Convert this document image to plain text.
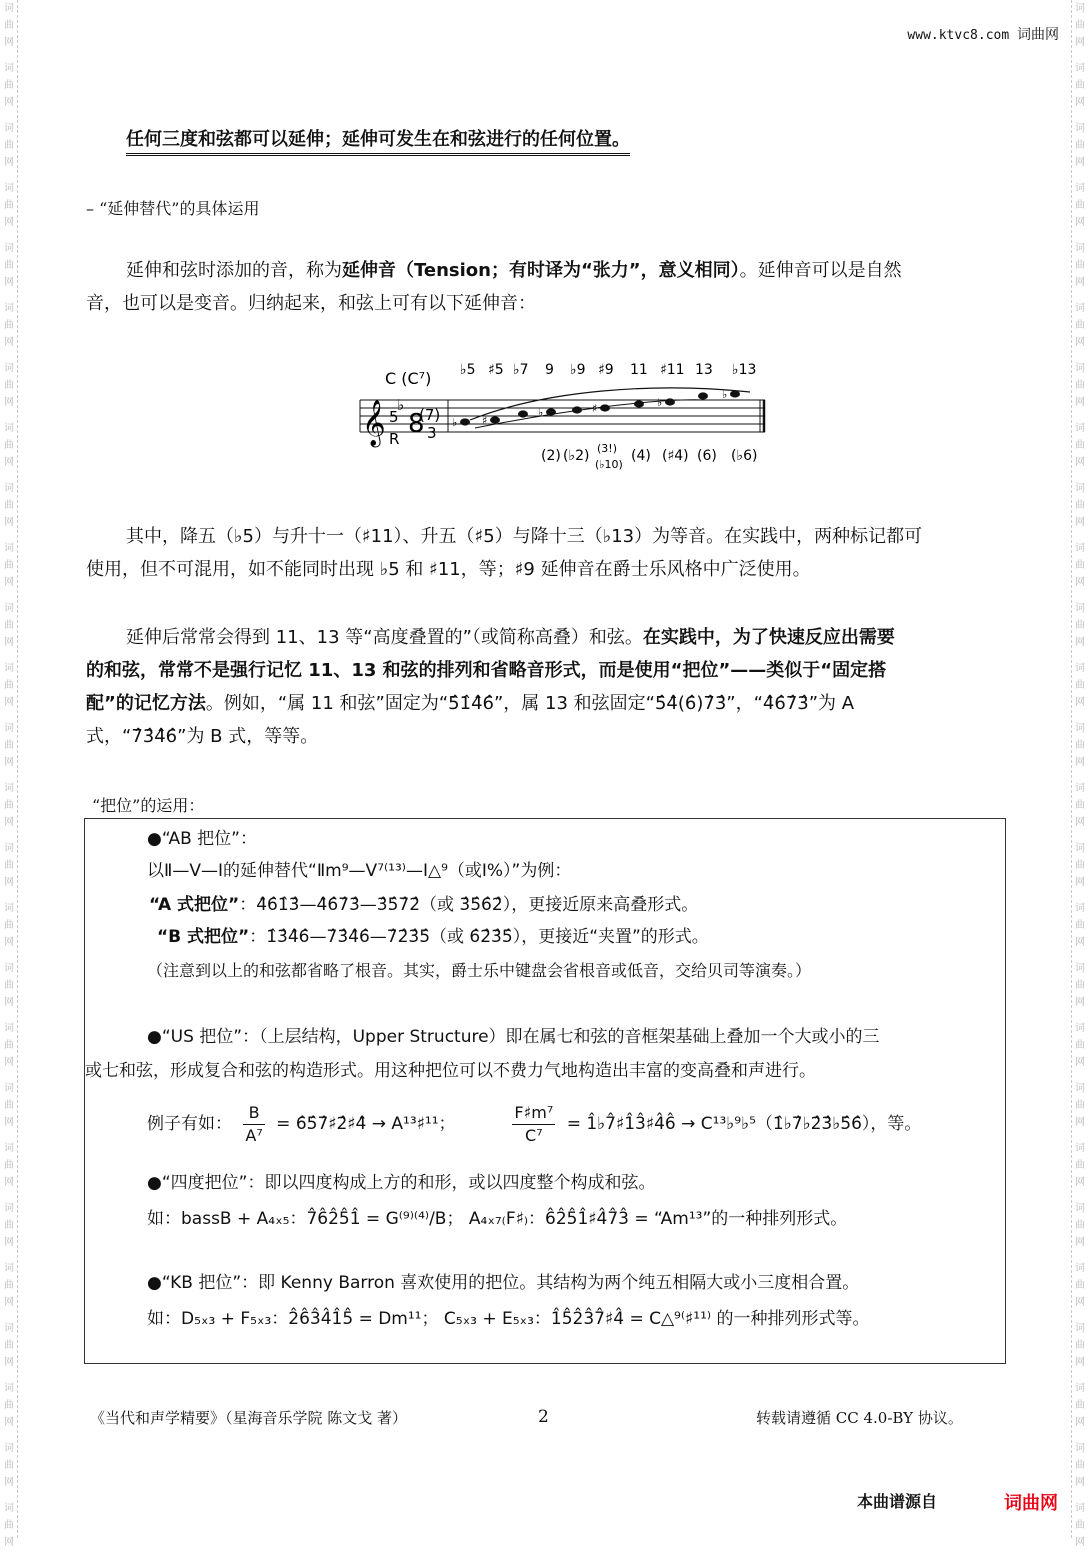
词
曲
网
词
曲
网
词
曲
网
词
曲
网
词
曲
网
词
曲
网
词
曲
网
词
曲
网
词
曲
网
词
曲
网
词
曲
网
词
曲
网
词
曲
网
词
曲
网
词
曲
网
词
曲
网
词
曲
网
词
曲
网
词
曲
网
词
曲
网
词
曲
网
词
曲
网
词
曲
网
词
曲
网
词
曲
网
词
曲
网
词
曲
网
词
曲
网
词
曲
网
词
曲
网
词
曲
网
词
曲
网
词
曲
网
词
曲
网
词
曲
网
词
曲
网
词
曲
网
词
曲
网
词
曲
网
词
曲
网
词
曲
网
词
曲
网
词
曲
网
词
曲
网
词
曲
网
词
曲
网
词
曲
网
词
曲
网
词
曲
网
词
曲
网
词
曲
网
词
曲
网
www.ktvc8.com 词曲网
任何三度和弦都可以延伸；延伸可发生在和弦进行的任何位置。
– “延伸替代”的具体运用
延伸和弦时添加的音，称为延伸音（Tension；有时译为“张力”，意义相同）。延伸音可以是自然
音，也可以是变音。归纳起来，和弦上可有以下延伸音：
𝄞
C (C⁷)
5
R
♭
8
(7)
3
♭ ♯
♭	♯	♭
♭
♭5 ♯5 ♭7 9 ♭9 ♯9 11 ♯11 13 ♭13
(2) (♭2) (3!)
(♭10)
(4) (♯4) (6) (♭6)
其中，降五（♭5）与升十一（♯11）、升五（♯5）与降十三（♭13）为等音。在实践中，两种标记都可
使用，但不可混用，如不能同时出现 ♭5 和 ♯11，等；♯9 延伸音在爵士乐风格中广泛使用。
延伸后常常会得到 11、13 等“高度叠置的”（或简称高叠）和弦。在实践中，为了快速反应出需要
的和弦，常常不是强行记忆 11、13 和弦的排列和省略音形式，而是使用“把位”——类似于“固定搭
配”的记忆方法。例如，“属 11 和弦”固定为“5̂1̂4̂6̂”，属 13 和弦固定“5̂4̂(6̂)7̂3̂”，“4̂6̂7̂3̂”为 A
式，“7̂3̂4̂6̂”为 B 式，等等。
“把位”的运用：
●“AB 把位”：
以Ⅱ—Ⅴ—Ⅰ的延伸替代“Ⅱm⁹—Ⅴ⁷⁽¹³⁾—Ⅰ△⁹（或Ⅰ%）”为例：
“A 式把位”：4̂6̂1̂3̂—4̂6̂7̂3̂—3̂5̂7̂2̂（或 3̂5̂6̂2̂），更接近原来高叠形式。
“B 式把位”：1̂3̂4̂6̂—7̂3̂4̂6̂—7̂2̂3̂5̂（或 6̂2̂3̂5̂），更接近“夹置”的形式。
（注意到以上的和弦都省略了根音。其实，爵士乐中键盘会省根音或低音，交给贝司等演奏。）
●“US 把位”：（上层结构，Upper Structure）即在属七和弦的音框架基础上叠加一个大或小的三
或七和弦，形成复合和弦的构造形式。用这种把位可以不费力气地构造出丰富的变高叠和声进行。
例子有如： $\frac{B}{\text{A⁷}}$ = 6̂5̂7̂♯2̂♯4̂ → A¹³♯¹¹；	$\frac{\text{F♯m⁷}}{\text{C⁷}}$ = 1̂♭7̂♯1̂3̂♯4̂6̂ → C¹³♭⁹♭⁵（1̂♭7̂♭2̂3̂♭5̂6̂），等。
●“四度把位”：即以四度构成上方的和形，或以四度整个构成和弦。
如：bassB + A₄ₓ₅：7̂6̂2̂5̂1̂ = G⁽⁹⁾⁽⁴⁾/B； A₄ₓ₇₍F♯₎：6̂2̂5̂1̂♯4̂7̂3̂ = “Am¹³”的一种排列形式。
●“KB 把位”：即 Kenny Barron 喜欢使用的把位。其结构为两个纯五相隔大或小三度相合置。
如：D₅ₓ₃ + F₅ₓ₃：2̂6̂3̂4̂1̂5̂ = Dm¹¹； C₅ₓ₃ + E₅ₓ₃：1̂5̂2̂3̂7̂♯4̂ = C△⁹⁽♯¹¹⁾ 的一种排列形式等。
《当代和声学精要》（星海音乐学院 陈文戈 著）	2	转载请遵循 CC 4.0-BY 协议。
本曲谱源自	词曲网
